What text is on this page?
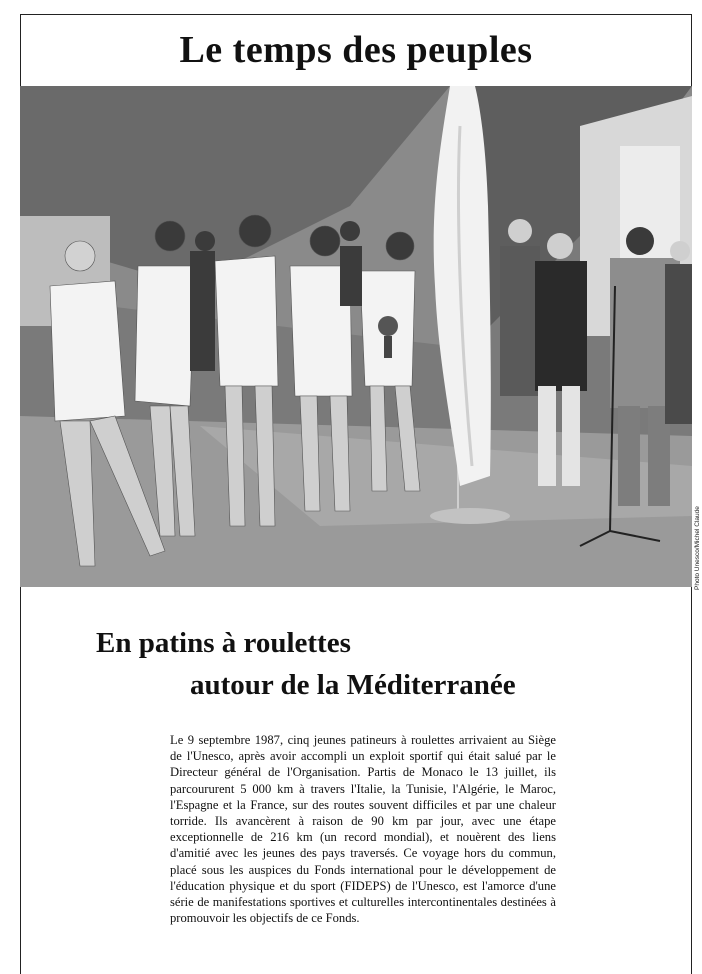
Le temps des peuples
Photo Unesco/Michel Claude
En patins à roulettes
autour de la Méditerranée
Le 9 septembre 1987, cinq jeunes patineurs à roulettes arrivaient au Siège de l'Unesco, après avoir accompli un exploit sportif qui était salué par le Directeur général de l'Organisation. Partis de Monaco le 13 juillet, ils parcoururent 5 000 km à travers l'Italie, la Tunisie, l'Algérie, le Maroc, l'Espagne et la France, sur des routes souvent difficiles et par une chaleur torride. Ils avancèrent à raison de 90 km par jour, avec une étape exceptionnelle de 216 km (un record mondial), et nouèrent des liens d'amitié avec les jeunes des pays traversés. Ce voyage hors du commun, placé sous les auspices du Fonds international pour le développement de l'éducation physique et du sport (FIDEPS) de l'Unesco, est l'amorce d'une série de manifestations sportives et culturelles intercontinentales destinées à promouvoir les objectifs de ce Fonds.
